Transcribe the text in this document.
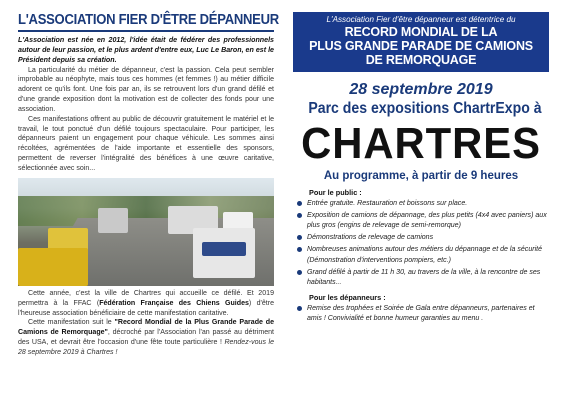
L'ASSOCIATION FIER D'ÊTRE DÉPANNEUR

L'Association est née en 2012, l'idée était de fédérer des professionnels autour de leur passion, et le plus ardent d'entre eux, Luc Le Baron, en est le Président depuis sa création.

La particularité du métier de dépanneur, c'est la passion. Cela peut sembler improbable au néophyte, mais tous ces hommes (et femmes !) au métier difficile adorent ce qu'ils font. Une fois par an, ils se retrouvent lors d'un grand défilé et d'une grande exposition dont la motivation est de collecter des fonds pour une association.

Ces manifestations offrent au public de découvrir gratuitement le matériel et le travail, le tout ponctué d'un défilé toujours spectaculaire. Pour participer, les dépanneurs paient un engagement pour chaque véhicule. Les sommes ainsi récoltées, agrémentées de l'aide importante et essentielle des sponsors, permettent de reverser l'intégralité des bénéfices à une œuvre caritative, sélectionnée avec soin...

Cette année, c'est la ville de Chartres qui accueille ce défilé. Et 2019 permettra à la FFAC (Fédération Française des Chiens Guides) d'être l'heureuse association bénéficiaire de cette manifestation caritative.

Cette manifestation suit le "Record Mondial de la Plus Grande Parade de Camions de Remorquage", décroché par l'Association l'an passé au détriment des USA, et devrait être l'occasion d'une fête toute particulière ! Rendez-vous le 28 septembre 2019 à Chartres !

L'Association Fier d'être dépanneur est détentrice du
RECORD MONDIAL DE LA
PLUS GRANDE PARADE DE CAMIONS
DE REMORQUAGE
28 septembre 2019
Parc des expositions ChartrExpo à
CHARTRES
Au programme, à partir de 9 heures
Pour le public :
Entrée gratuite. Restauration et boissons sur place.
Exposition de camions de dépannage, des plus petits (4x4 avec paniers) aux plus gros (engins de relevage de semi-remorque)
Démonstrations de relevage de camions
Nombreuses animations autour des métiers du dépannage et de la sécurité (Démonstration d'interventions pompiers, etc.)
Grand défilé à partir de 11 h 30, au travers de la ville, à la rencontre de ses habitants...
Pour les dépanneurs :
Remise des trophées et Soirée de Gala entre dépanneurs, partenaires et amis ! Convivialité et bonne humeur garanties au menu .
